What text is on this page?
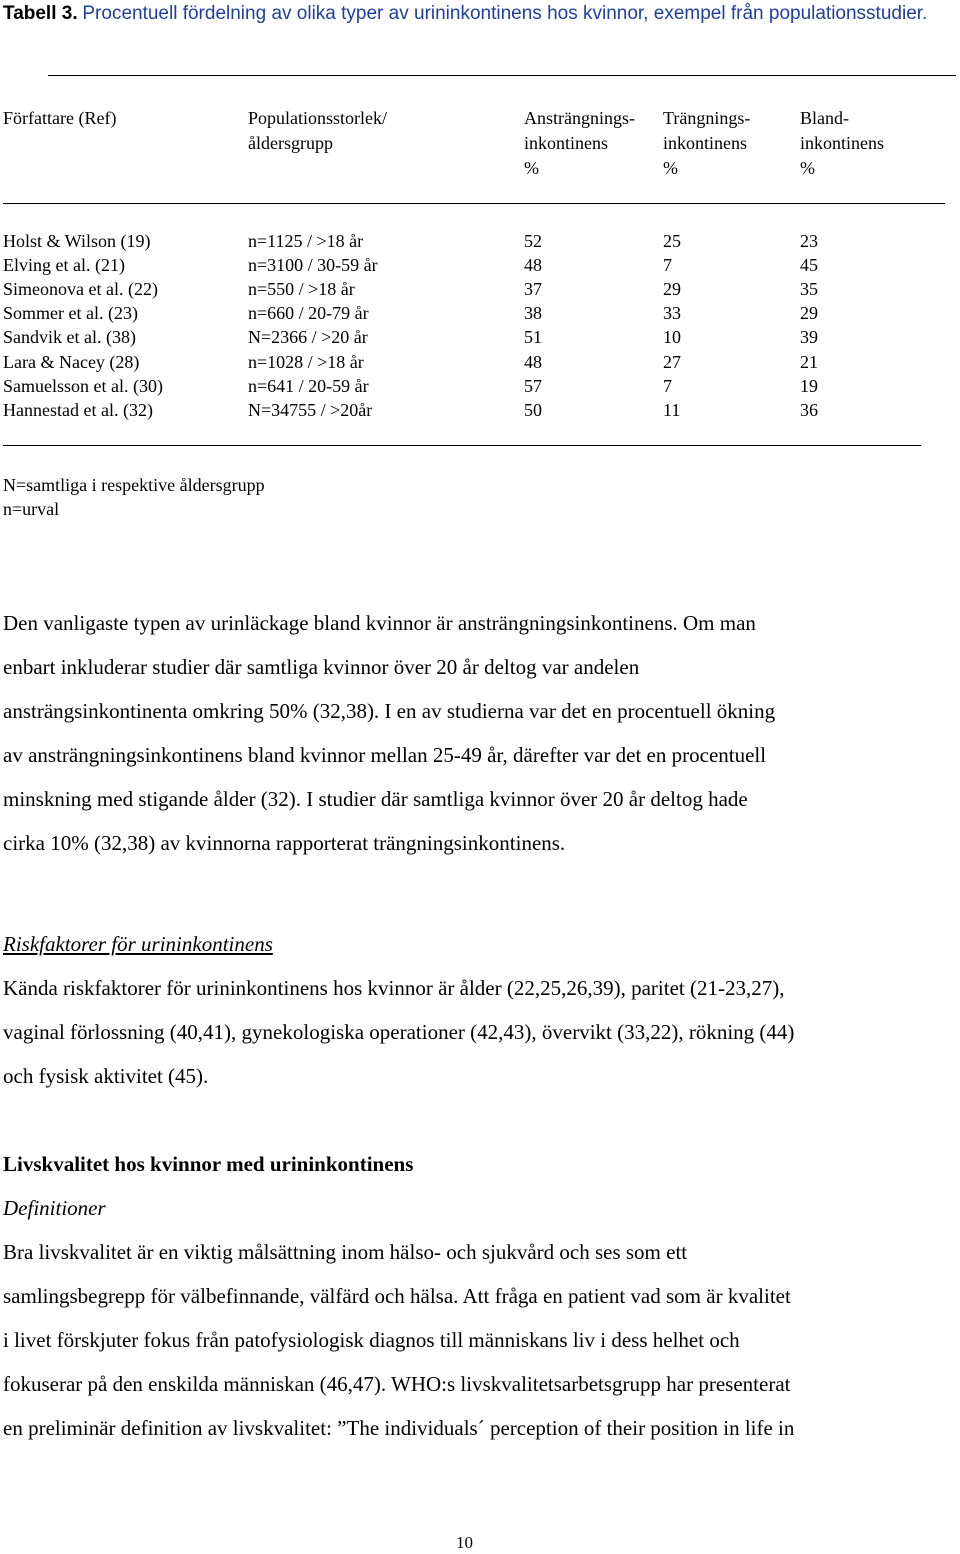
Tabell 3. Procentuell fördelning av olika typer av urininkontinens hos kvinnor, exempel från populationsstudier.
Författare (Ref)	Populationsstorlek/
åldersgrupp
Ansträngnings-
inkontinens
%
Trängnings-
inkontinens
%
Bland-
inkontinens
%
Holst & Wilson (19)	n=1125 / >18 år	52	25	23
Elving et al. (21)	n=3100 / 30-59 år	48	7	45
Simeonova et al. (22)	n=550 / >18 år	37	29	35
Sommer et al. (23)	n=660 / 20-79 år	38	33	29
Sandvik et al. (38)	N=2366 / >20 år	51	10	39
Lara & Nacey (28)	n=1028 / >18 år	48	27	21
Samuelsson et al. (30)	n=641 / 20-59 år	57	7	19
Hannestad et al. (32)	N=34755 / >20år	50	11	36
N=samtliga i respektive åldersgrupp
n=urval
Den vanligaste typen av urinläckage bland kvinnor är ansträngningsinkontinens. Om man
enbart inkluderar studier där samtliga kvinnor över 20 år deltog var andelen
ansträngsinkontinenta omkring 50% (32,38). I en av studierna var det en procentuell ökning
av ansträngningsinkontinens bland kvinnor mellan 25-49 år, därefter var det en procentuell
minskning med stigande ålder (32). I studier där samtliga kvinnor över 20 år deltog hade
cirka 10% (32,38) av kvinnorna rapporterat trängningsinkontinens.
Riskfaktorer för urininkontinens
Kända riskfaktorer för urininkontinens hos kvinnor är ålder (22,25,26,39), paritet (21-23,27),
vaginal förlossning (40,41), gynekologiska operationer (42,43), övervikt (33,22), rökning (44)
och fysisk aktivitet (45).
Livskvalitet hos kvinnor med urininkontinens
Definitioner
Bra livskvalitet är en viktig målsättning inom hälso- och sjukvård och ses som ett
samlingsbegrepp för välbefinnande, välfärd och hälsa. Att fråga en patient vad som är kvalitet
i livet förskjuter fokus från patofysiologisk diagnos till människans liv i dess helhet och
fokuserar på den enskilda människan (46,47). WHO:s livskvalitetsarbetsgrupp har presenterat
en preliminär definition av livskvalitet: ”The individuals´ perception of their position in life in
10
